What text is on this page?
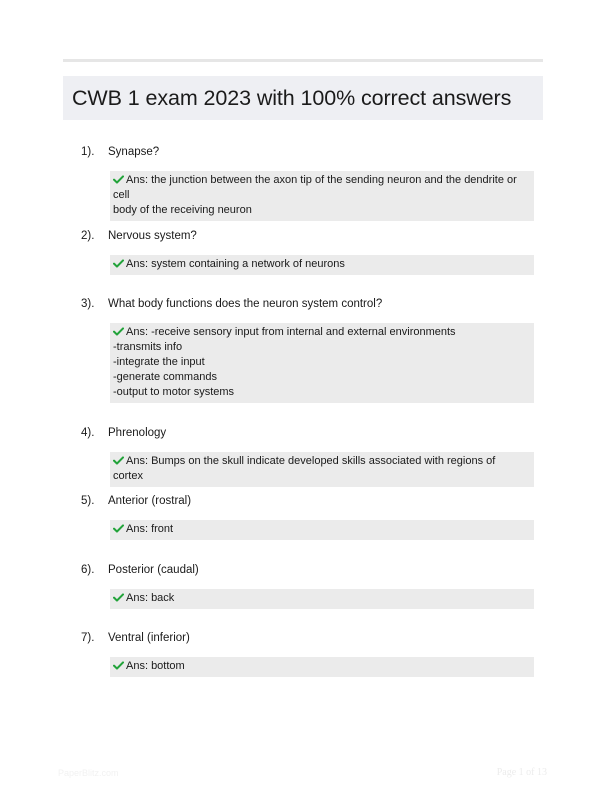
CWB 1 exam 2023 with 100% correct answers
1).	Synapse?
Ans: the junction between the axon tip of the sending neuron and the dendrite or cell
body of the receiving neuron
2).	Nervous system?
Ans: system containing a network of neurons
3).	What body functions does the neuron system control?
Ans: -receive sensory input from internal and external environments
-transmits info
-integrate the input
-generate commands
-output to motor systems
4).	Phrenology
Ans: Bumps on the skull indicate developed skills associated with regions of cortex
5).	Anterior (rostral)
Ans: front
6).	Posterior (caudal)
Ans: back
7).	Ventral (inferior)
Ans: bottom
PaperBlitz.com	Page 1 of 13
